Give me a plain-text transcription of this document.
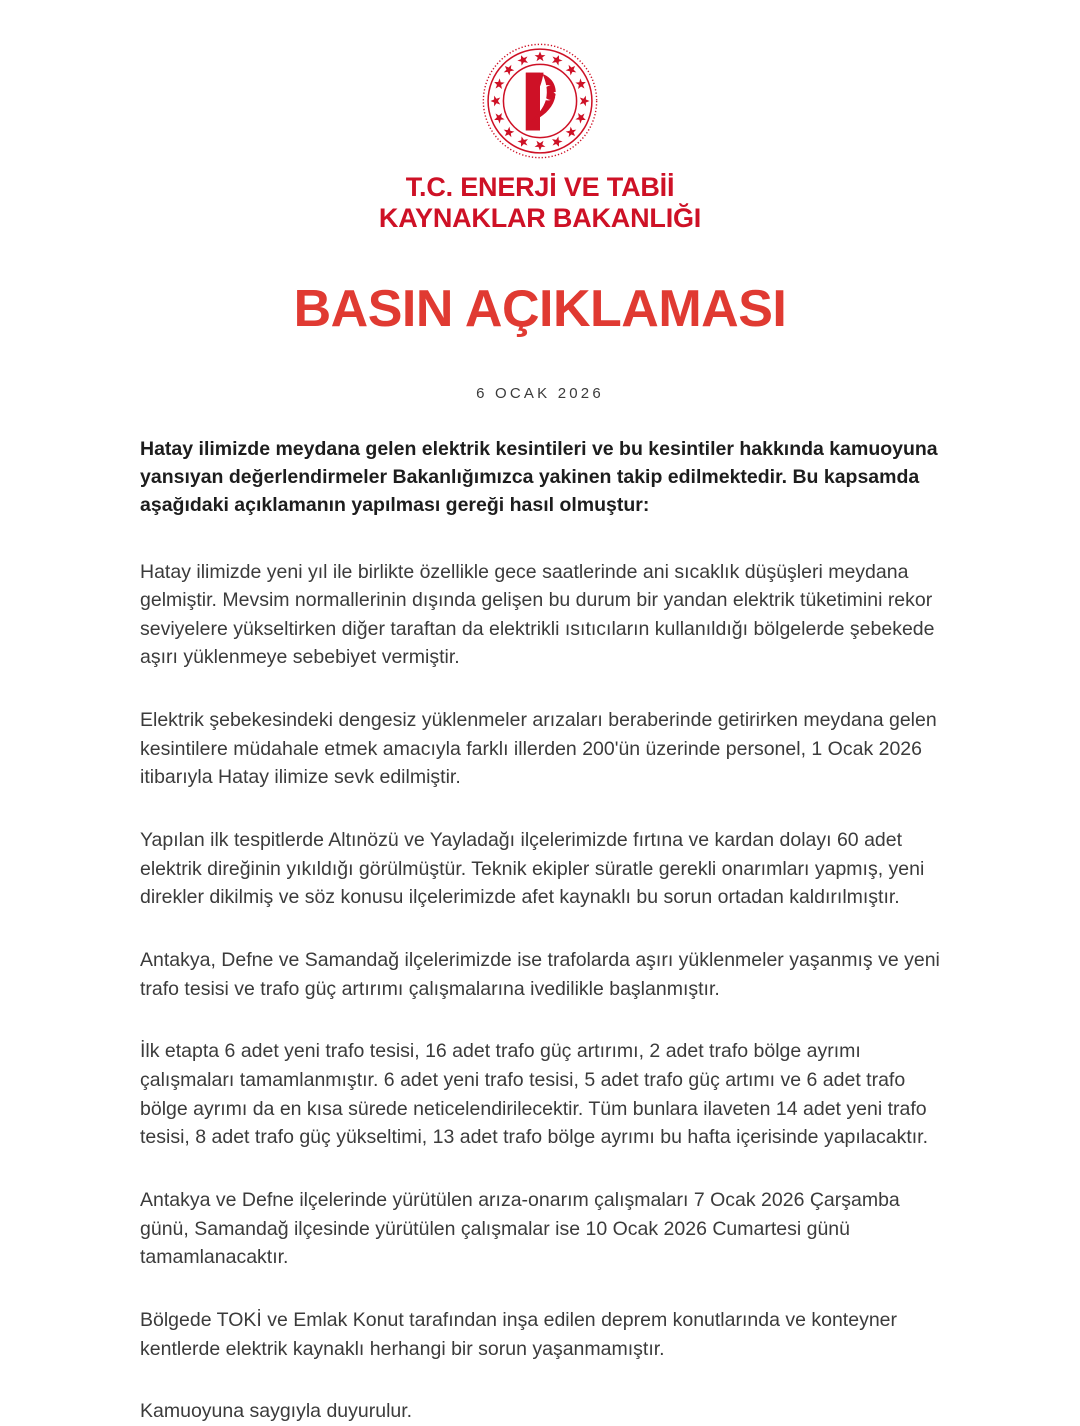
T.C. ENERJİ VE TABİİ
KAYNAKLAR BAKANLIĞI
BASIN AÇIKLAMASI
6 OCAK 2026

Hatay ilimizde meydana gelen elektrik kesintileri ve bu kesintiler hakkında kamuoyuna yansıyan değerlendirmeler Bakanlığımızca yakinen takip edilmektedir. Bu kapsamda aşağıdaki açıklamanın yapılması gereği hasıl olmuştur:

Hatay ilimizde yeni yıl ile birlikte özellikle gece saatlerinde ani sıcaklık düşüşleri meydana gelmiştir. Mevsim normallerinin dışında gelişen bu durum bir yandan elektrik tüketimini rekor seviyelere yükseltirken diğer taraftan da elektrikli ısıtıcıların kullanıldığı bölgelerde şebekede aşırı yüklenmeye sebebiyet vermiştir.

Elektrik şebekesindeki dengesiz yüklenmeler arızaları beraberinde getirirken meydana gelen kesintilere müdahale etmek amacıyla farklı illerden 200'ün üzerinde personel, 1 Ocak 2026 itibarıyla Hatay ilimize sevk edilmiştir.

Yapılan ilk tespitlerde Altınözü ve Yayladağı ilçelerimizde fırtına ve kardan dolayı 60 adet elektrik direğinin yıkıldığı görülmüştür. Teknik ekipler süratle gerekli onarımları yapmış, yeni direkler dikilmiş ve söz konusu ilçelerimizde afet kaynaklı bu sorun ortadan kaldırılmıştır.

Antakya, Defne ve Samandağ ilçelerimizde ise trafolarda aşırı yüklenmeler yaşanmış ve yeni trafo tesisi ve trafo güç artırımı çalışmalarına ivedilikle başlanmıştır.

İlk etapta 6 adet yeni trafo tesisi, 16 adet trafo güç artırımı, 2 adet trafo bölge ayrımı çalışmaları tamamlanmıştır. 6 adet yeni trafo tesisi, 5 adet trafo güç artımı ve 6 adet trafo bölge ayrımı da en kısa sürede neticelendirilecektir. Tüm bunlara ilaveten 14 adet yeni trafo tesisi, 8 adet trafo güç yükseltimi, 13 adet trafo bölge ayrımı bu hafta içerisinde yapılacaktır.

Antakya ve Defne ilçelerinde yürütülen arıza-onarım çalışmaları 7 Ocak 2026 Çarşamba günü, Samandağ ilçesinde yürütülen çalışmalar ise 10 Ocak 2026 Cumartesi günü tamamlanacaktır.

Bölgede TOKİ ve Emlak Konut tarafından inşa edilen deprem konutlarında ve konteyner kentlerde elektrik kaynaklı herhangi bir sorun yaşanmamıştır.

Kamuoyuna saygıyla duyurulur.
